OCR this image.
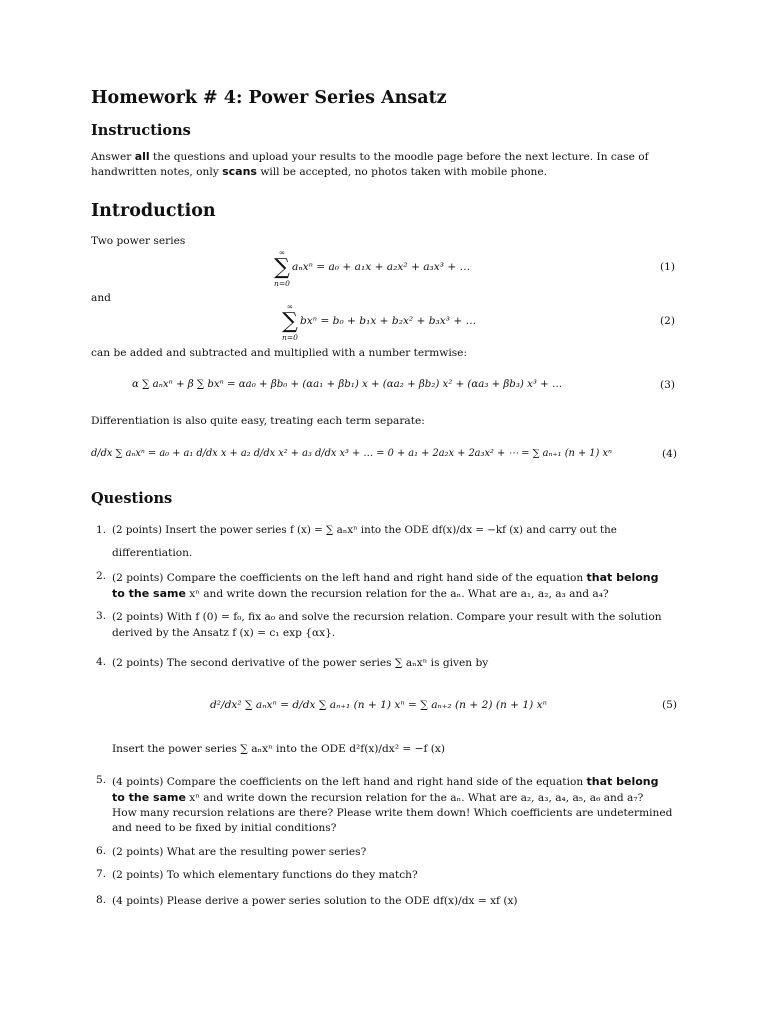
Homework # 4: Power Series Ansatz
Instructions
Answer all the questions and upload your results to the moodle page before the next lecture. In case of
handwritten notes, only scans will be accepted, no photos taken with mobile phone.
Introduction
Two power series
∞
∑
n=0
aₙxⁿ = a₀ + a₁x + a₂x² + a₃x³ + …	(1)
and
∞
∑
n=0
bxⁿ = b₀ + b₁x + b₂x² + b₃x³ + …	(2)
can be added and subtracted and multiplied with a number termwise:
α ∑ aₙxⁿ + β ∑ bxⁿ = αa₀ + βb₀ + (αa₁ + βb₁) x + (αa₂ + βb₂) x² + (αa₃ + βb₃) x³ + …	(3)
Differentiation is also quite easy, treating each term separate:
d/dx ∑ aₙxⁿ = a₀ + a₁ d/dx x + a₂ d/dx x² + a₃ d/dx x³ + … = 0 + a₁ + 2a₂x + 2a₃x² + ⋯ = ∑ aₙ₊₁ (n + 1) xⁿ	(4)
Questions
1. (2 points) Insert the power series f (x) = ∑ aₙxⁿ into the ODE df(x)/dx = −kf (x) and carry out the
differentiation.
2. (2 points) Compare the coefficients on the left hand and right hand side of the equation that belong
to the same xⁿ and write down the recursion relation for the aₙ. What are a₁, a₂, a₃ and a₄?
3. (2 points) With f (0) = f₀, fix a₀ and solve the recursion relation. Compare your result with the solution
derived by the Ansatz f (x) = c₁ exp {αx}.
4. (2 points) The second derivative of the power series ∑ aₙxⁿ is given by
d²/dx² ∑ aₙxⁿ = d/dx ∑ aₙ₊₁ (n + 1) xⁿ = ∑ aₙ₊₂ (n + 2) (n + 1) xⁿ	(5)
Insert the power series ∑ aₙxⁿ into the ODE d²f(x)/dx² = −f (x)
5. (4 points) Compare the coefficients on the left hand and right hand side of the equation that belong
to the same xⁿ and write down the recursion relation for the aₙ. What are a₂, a₃, a₄, a₅, a₆ and a₇?
How many recursion relations are there? Please write them down! Which coefficients are undetermined
and need to be fixed by initial conditions?
6. (2 points) What are the resulting power series?
7. (2 points) To which elementary functions do they match?
8. (4 points) Please derive a power series solution to the ODE df(x)/dx = xf (x)
